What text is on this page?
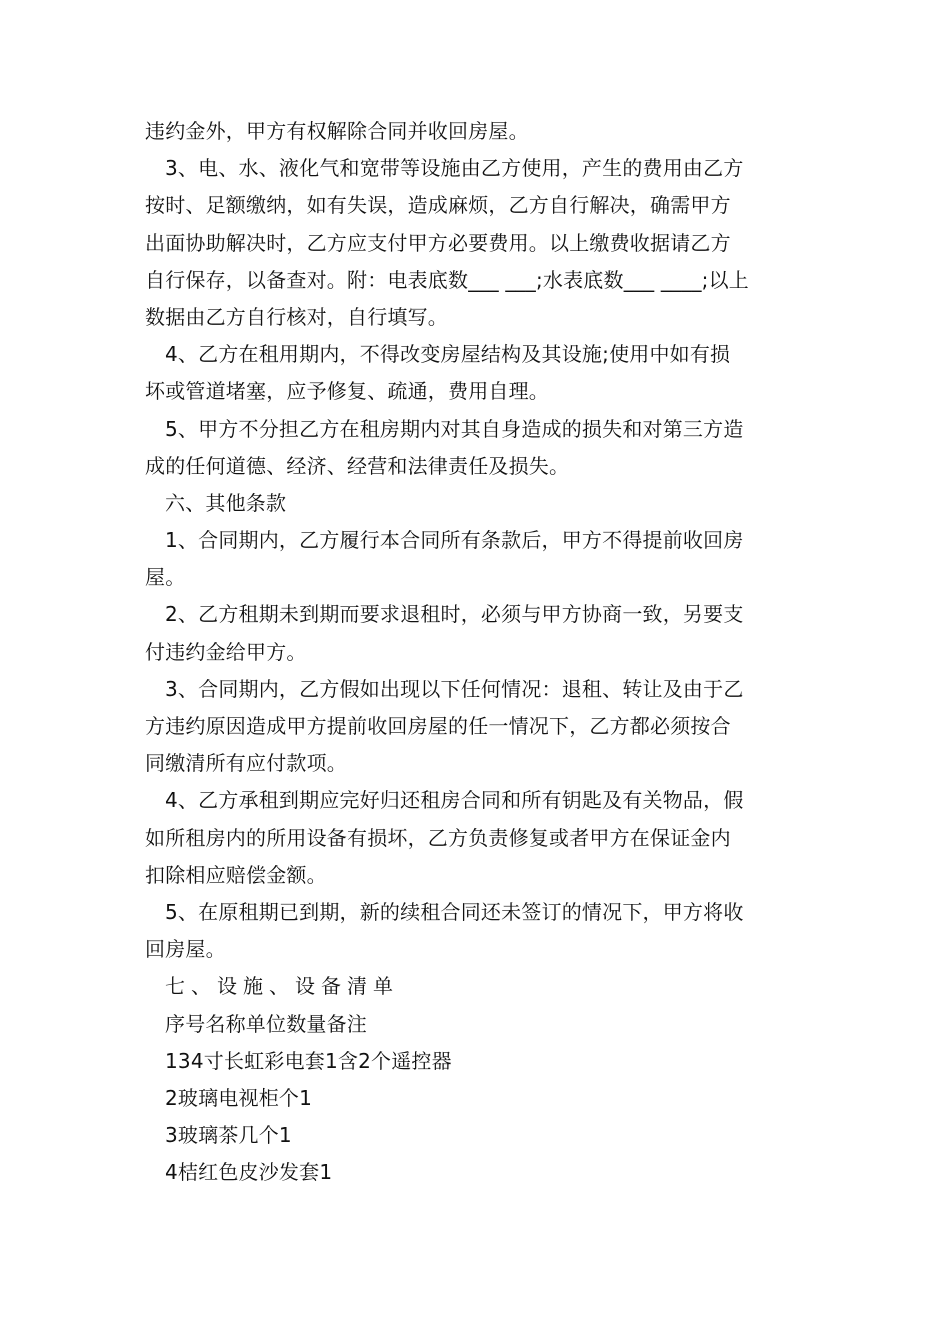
违约金外，甲方有权解除合同并收回房屋。
3、电、水、液化气和宽带等设施由乙方使用，产生的费用由乙方
按时、足额缴纳，如有失误，造成麻烦，乙方自行解决，确需甲方
出面协助解决时，乙方应支付甲方必要费用。以上缴费收据请乙方
自行保存，以备查对。附：电表底数___ ___;水表底数___ ____;以上
数据由乙方自行核对，自行填写。
4、乙方在租用期内，不得改变房屋结构及其设施;使用中如有损
坏或管道堵塞，应予修复、疏通，费用自理。
5、甲方不分担乙方在租房期内对其自身造成的损失和对第三方造
成的任何道德、经济、经营和法律责任及损失。
六、其他条款
1、合同期内，乙方履行本合同所有条款后，甲方不得提前收回房
屋。
2、乙方租期未到期而要求退租时，必须与甲方协商一致，另要支
付违约金给甲方。
3、合同期内，乙方假如出现以下任何情况：退租、转让及由于乙
方违约原因造成甲方提前收回房屋的任一情况下，乙方都必须按合
同缴清所有应付款项。
4、乙方承租到期应完好归还租房合同和所有钥匙及有关物品，假
如所租房内的所用设备有损坏，乙方负责修复或者甲方在保证金内
扣除相应赔偿金额。
5、在原租期已到期，新的续租合同还未签订的情况下，甲方将收
回房屋。
七、设施、设备清单
序号名称单位数量备注
134寸长虹彩电套1含2个遥控器
2玻璃电视柜个1
3玻璃茶几个1
4桔红色皮沙发套1
